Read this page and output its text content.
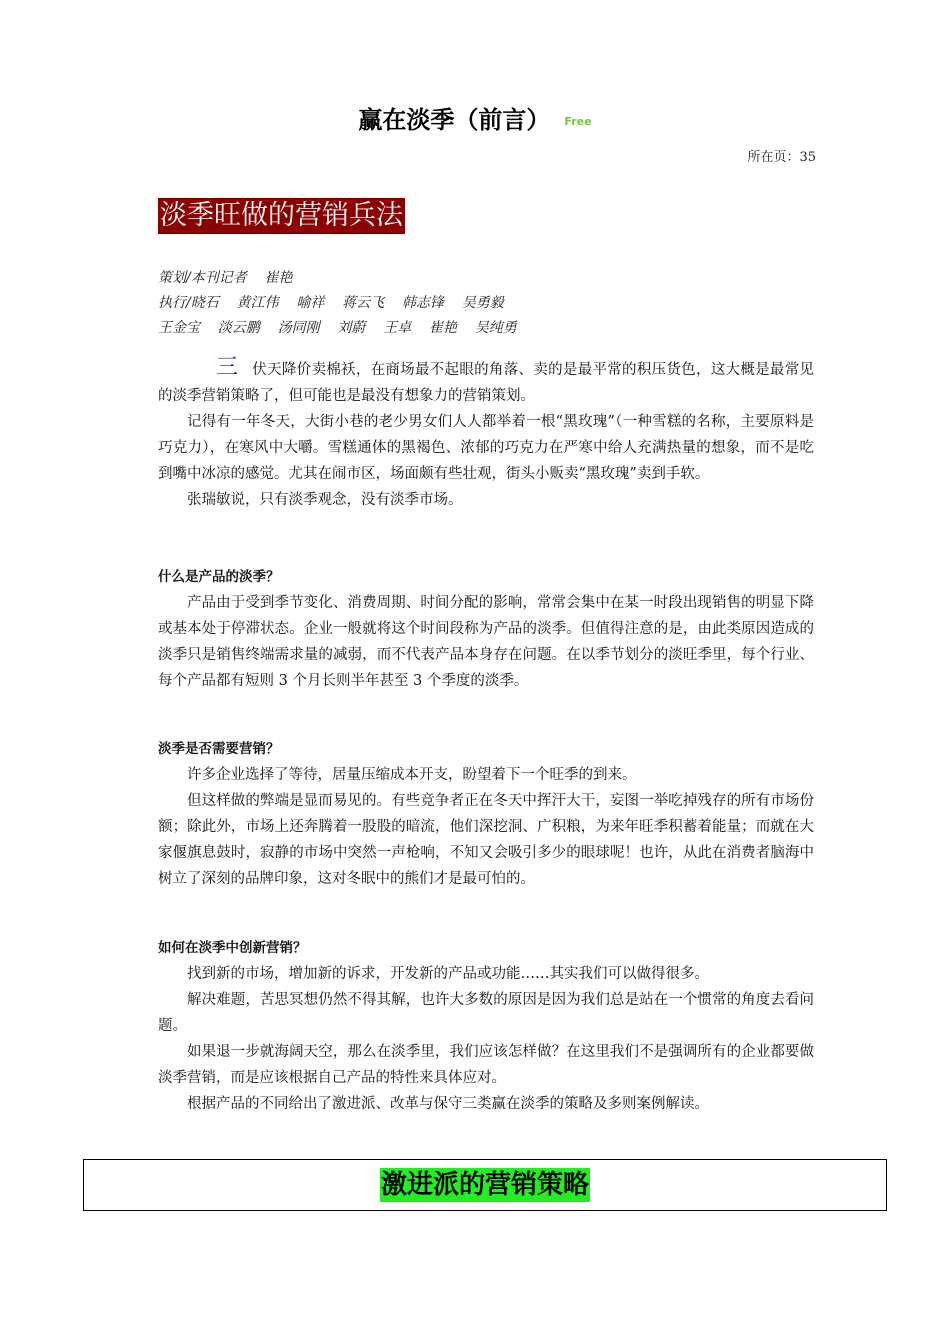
赢在淡季（前言） Free
所在页：35
淡季旺做的营销兵法
策划/本刊记者    崔艳
执行/晓石    黄江伟    喻祥    蒋云飞    韩志锋    吴勇毅
王金宝    淡云鹏    汤同刚    刘蔚    王卓    崔艳    吴纯勇

三伏天降价卖棉袄，在商场最不起眼的角落、卖的是最平常的积压货色，这大概是最常见的淡季营销策略了，但可能也是最没有想象力的营销策划。

记得有一年冬天，大街小巷的老少男女们人人都举着一根“黑玫瑰”（一种雪糕的名称，主要原料是巧克力），在寒风中大嚼。雪糕通体的黑褐色、浓郁的巧克力在严寒中给人充满热量的想象，而不是吃到嘴中冰凉的感觉。尤其在闹市区，场面颇有些壮观，街头小贩卖“黑玫瑰”卖到手软。

张瑞敏说，只有淡季观念，没有淡季市场。

什么是产品的淡季？

产品由于受到季节变化、消费周期、时间分配的影响，常常会集中在某一时段出现销售的明显下降或基本处于停滞状态。企业一般就将这个时间段称为产品的淡季。但值得注意的是，由此类原因造成的淡季只是销售终端需求量的减弱，而不代表产品本身存在问题。在以季节划分的淡旺季里，每个行业、每个产品都有短则 3 个月长则半年甚至 3 个季度的淡季。

淡季是否需要营销？

许多企业选择了等待，居量压缩成本开支，盼望着下一个旺季的到来。

但这样做的弊端是显而易见的。有些竞争者正在冬天中挥汗大干，妄图一举吃掉残存的所有市场份额；除此外，市场上还奔腾着一股股的暗流，他们深挖洞、广积粮，为来年旺季积蓄着能量；而就在大家偃旗息鼓时，寂静的市场中突然一声枪响，不知又会吸引多少的眼球呢！也许，从此在消费者脑海中树立了深刻的品牌印象，这对冬眠中的熊们才是最可怕的。

如何在淡季中创新营销？

找到新的市场，增加新的诉求，开发新的产品或功能……其实我们可以做得很多。

解决难题，苦思冥想仍然不得其解，也许大多数的原因是因为我们总是站在一个惯常的角度去看问题。

如果退一步就海阔天空，那么在淡季里，我们应该怎样做？在这里我们不是强调所有的企业都要做淡季营销，而是应该根据自己产品的特性来具体应对。

根据产品的不同给出了激进派、改革与保守三类赢在淡季的策略及多则案例解读。

激进派的营销策略
